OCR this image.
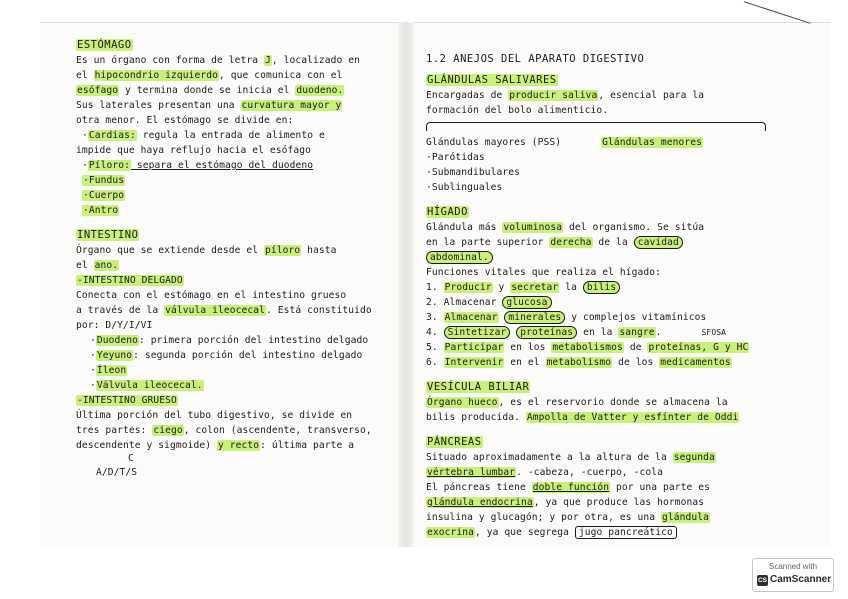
ESTÓMAGO
Es un órgano con forma de letra J, localizado en
el hipocondrio izquierdo, que comunica con el
esófago y termina donde se inicia el duodeno.
Sus laterales presentan una curvatura mayor y
otra menor. El estómago se divide en:
·Cardias: regula la entrada de alimento e
impide que haya reflujo hacia el esófago
·Píloro: separa el estómago del duodeno
·Fundus
·Cuerpo
·Antro
INTESTINO
Órgano que se extiende desde el píloro hasta
el ano.
-INTESTINO DELGADO
Conecta con el estómago en el intestino grueso
a través de la válvula ileocecal. Está constituido
por: D/Y/I/VI
·Duodeno: primera porción del intestino delgado
·Yeyuno: segunda porción del intestino delgado
·Íleon
·Válvula ileocecal.
-INTESTINO GRUESO
Última porción del tubo digestivo, se divide en
tres partes: ciego, colon (ascendente, transverso,
descendente y sigmoide) y recto: última parte a
C
A/D/T/S
1.2 ANEJOS DEL APARATO DIGESTIVO
GLÁNDULAS SALIVARES
Encargadas de producir saliva, esencial para la
formación del bolo alimenticio.
Glándulas mayores (PSS)	Glándulas menores
·Parótidas
·Submandibulares
·Sublinguales
HÍGADO
Glándula más voluminosa del organismo. Se sitúa
en la parte superior derecha de la cavidad
abdominal.
Funciones vitales que realiza el hígado:
1. Producir y secretar la bilis
2. Almacenar glucosa
3. Almacenar minerales y complejos vitamínicos
4. Sintetizar proteínas en la sangre.	SFOSA
5. Participar en los metabolismos de proteínas, G y HC
6. Intervenir en el metabolismo de los medicamentos
VESÍCULA BILIAR
Órgano hueco, es el reservorio donde se almacena la
bilis producida. Ampolla de Vatter y esfínter de Oddi
PÁNCREAS
Situado aproximadamente a la altura de la segunda
vértebra lumbar. -cabeza, -cuerpo, -cola
El páncreas tiene doble función por una parte es
glándula endocrina, ya que produce las hormonas
insulina y glucagón; y por otra, es una glándula
exocrina, ya que segrega jugo pancreático
Scanned with
CS CamScanner
